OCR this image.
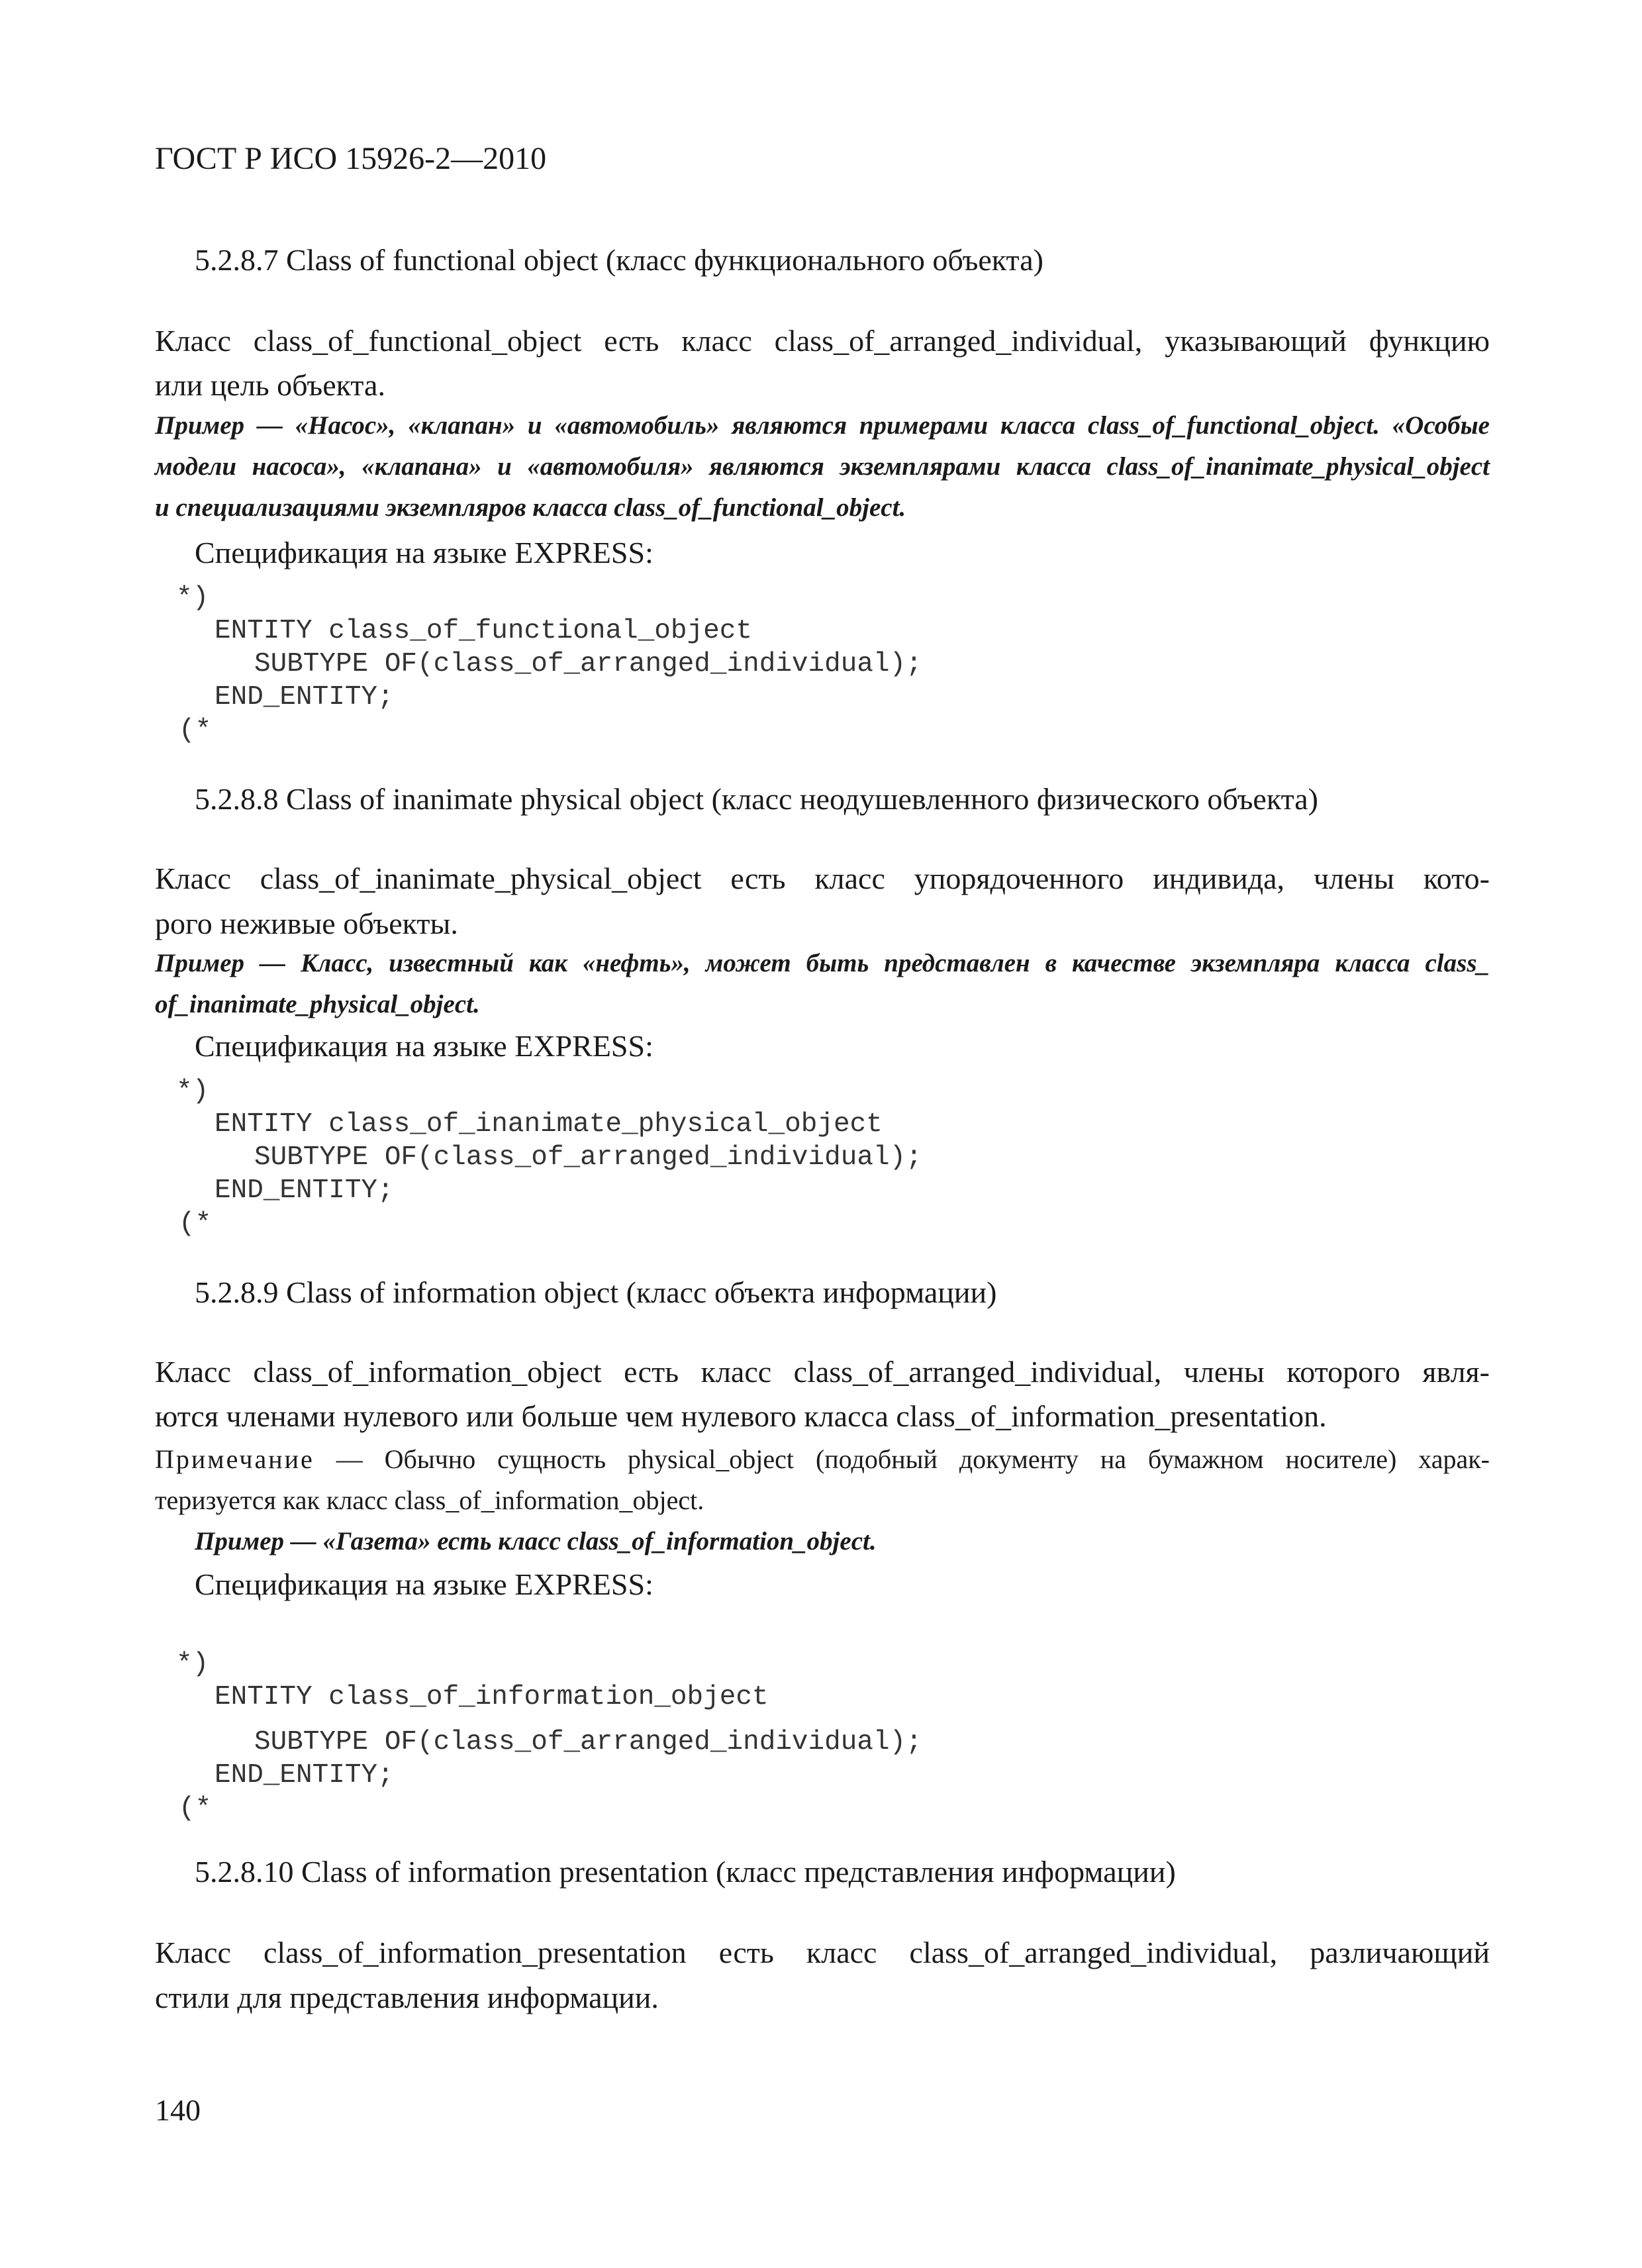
ГОСТ Р ИСО 15926-2—2010
5.2.8.7 Class of functional object (класс функционального объекта)
Класс class_of_functional_object есть класс class_of_arranged_individual, указывающий функцию
или цель объекта.
Пример — «Насос», «клапан» и «автомобиль» являются примерами класса class_of_functional_object. «Особые
модели насоса», «клапана» и «автомобиля» являются экземплярами класса class_of_inanimate_physical_object
и специализациями экземпляров класса class_of_functional_object.
Спецификация на языке EXPRESS:
*)
ENTITY class_of_functional_object
SUBTYPE OF(class_of_arranged_individual);
END_ENTITY;
(*
5.2.8.8 Class of inanimate physical object (класс неодушевленного физического объекта)
Класс class_of_inanimate_physical_object есть класс упорядоченного индивида, члены кото-
рого неживые объекты.
Пример — Класс, известный как «нефть», может быть представлен в качестве экземпляра класса class_
of_inanimate_physical_object.
Спецификация на языке EXPRESS:
*)
ENTITY class_of_inanimate_physical_object
SUBTYPE OF(class_of_arranged_individual);
END_ENTITY;
(*
5.2.8.9 Class of information object (класс объекта информации)
Класс class_of_information_object есть класс class_of_arranged_individual, члены которого явля-
ются членами нулевого или больше чем нулевого класса class_of_information_presentation.
Примечание — Обычно сущность physical_object (подобный документу на бумажном носителе) харак-
теризуется как класс class_of_information_object.
Пример — «Газета» есть класс class_of_information_object.
Спецификация на языке EXPRESS:
*)
ENTITY class_of_information_object
SUBTYPE OF(class_of_arranged_individual);
END_ENTITY;
(*
5.2.8.10 Class of information presentation (класс представления информации)
Класс class_of_information_presentation есть класс class_of_arranged_individual, различающий
стили для представления информации.
140
